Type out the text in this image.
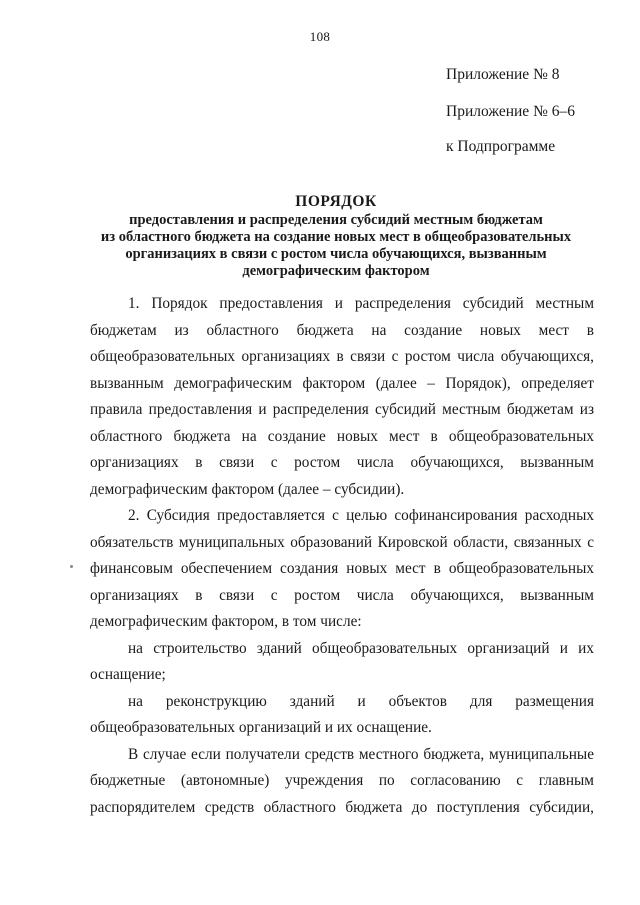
108
Приложение № 8
Приложение № 6–6
к Подпрограмме
ПОРЯДОК
предоставления и распределения субсидий местным бюджетам
из областного бюджета на создание новых мест в общеобразовательных
организациях в связи с ростом числа обучающихся, вызванным
демографическим фактором

1. Порядок предоставления и распределения субсидий местным бюджетам из областного бюджета на создание новых мест в общеобразовательных организациях в связи с ростом числа обучающихся, вызванным демографическим фактором (далее – Порядок), определяет правила предоставления и распределения субсидий местным бюджетам из областного бюджета на создание новых мест в общеобразовательных организациях в связи с ростом числа обучающихся, вызванным демографическим фактором (далее – субсидии).

2. Субсидия предоставляется с целью софинансирования расходных обязательств муниципальных образований Кировской области, связанных с финансовым обеспечением создания новых мест в общеобразовательных организациях в связи с ростом числа обучающихся, вызванным демографическим фактором, в том числе:

на строительство зданий общеобразовательных организаций и их оснащение;

на реконструкцию зданий и объектов для размещения общеобразовательных организаций и их оснащение.

В случае если получатели средств местного бюджета, муниципальные бюджетные (автономные) учреждения по согласованию с главным распорядителем средств областного бюджета до поступления субсидии,
